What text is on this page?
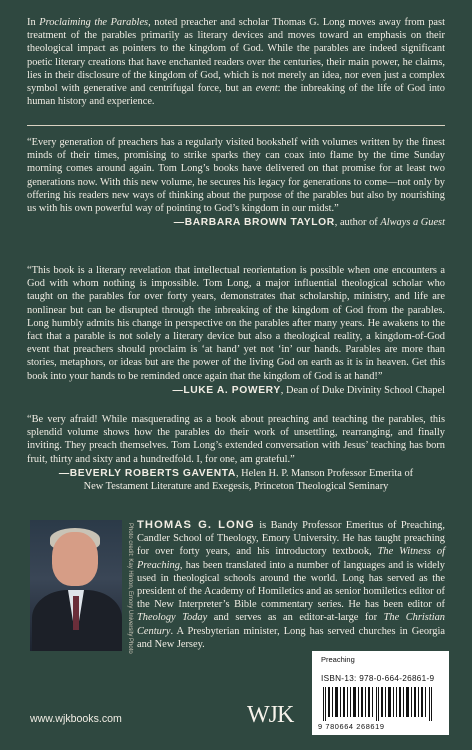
In Proclaiming the Parables, noted preacher and scholar Thomas G. Long moves away from past treatment of the parables primarily as literary devices and moves toward an emphasis on their theological impact as pointers to the kingdom of God. While the parables are indeed significant poetic literary creations that have enchanted readers over the centuries, their main power, he claims, lies in their disclosure of the kingdom of God, which is not merely an idea, nor even just a complex symbol with generative and centrifugal force, but an event: the inbreaking of the life of God into human history and experience.

“Every generation of preachers has a regularly visited bookshelf with volumes written by the finest minds of their times, promising to strike sparks they can coax into flame by the time Sunday morning comes around again. Tom Long’s books have delivered on that promise for at least two generations now. With this new volume, he secures his legacy for generations to come—not only by offering his readers new ways of thinking about the purpose of the parables but also by nourishing us with his own powerful way of pointing to God’s kingdom in our midst.”
—BARBARA BROWN TAYLOR, author of Always a Guest
“This book is a literary revelation that intellectual reorientation is possible when one encounters a God with whom nothing is impossible. Tom Long, a major influential theological scholar who taught on the parables for over forty years, demonstrates that scholarship, ministry, and life are nonlinear but can be disrupted through the inbreaking of the kingdom of God from the parables. Long humbly admits his change in perspective on the parables after many years. He awakens to the fact that a parable is not solely a literary device but also a theological reality, a kingdom-of-God event that preachers should proclaim is ‘at hand’ yet not ‘in’ our hands. Parables are more than stories, metaphors, or ideas but are the power of the living God on earth as it is in heaven. Get this book into your hands to be reminded once again that the kingdom of God is at hand!”
—LUKE A. POWERY, Dean of Duke Divinity School Chapel
“Be very afraid! While masquerading as a book about preaching and teaching the parables, this splendid volume shows how the parables do their work of unsettling, rearranging, and finally inviting. They preach themselves. Tom Long’s extended conversation with Jesus’ teaching has born fruit, thirty and sixty and a hundredfold. I, for one, am grateful.”
—BEVERLY ROBERTS GAVENTA, Helen H. P. Manson Professor Emerita of
New Testament Literature and Exegesis, Princeton Theological Seminary
Photo credit: Kay Hinton, Emory University Photo THOMAS G. LONG is Bandy Professor Emeritus of Preaching, Candler School of Theology, Emory University. He has taught preaching for over forty years, and his introductory textbook, The Witness of Preaching, has been translated into a number of languages and is widely used in theological schools around the world. Long has served as the president of the Academy of Homiletics and as senior homiletics editor of the New Interpreter’s Bible commentary series. He has been editor of Theology Today and serves as an editor-at-large for The Christian Century. A Presbyterian minister, Long has served churches in Georgia and New Jersey.
www.wjkbooks.com	WJK
Preaching
ISBN-13: 978-0-664-26861-9
9 780664 268619
